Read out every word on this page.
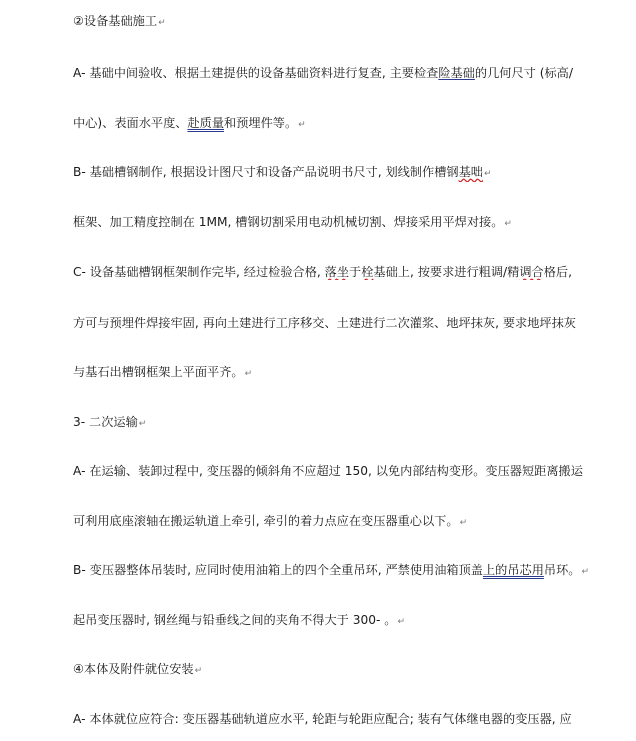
②设备基础施工↵
A- 基础中间验收、根据土建提供的设备基础资料进行复查, 主要检查险基础的几何尺寸 (标高/
中心)、表面水平度、赴质量和预埋件等。↵
B- 基础槽钢制作, 根据设计图尺寸和设备产品说明书尺寸, 划线制作槽钢基咄↵
框架、加工精度控制在 1MM, 槽钢切割采用电动机械切割、焊接采用平焊对接。↵
C- 设备基础槽钢框架制作完毕, 经过检验合格, 落坐于栓基础上, 按要求进行粗调/精调合格后,
方可与预埋件焊接牢固, 再向土建进行工序移交、土建进行二次灌浆、地坪抹灰, 要求地坪抹灰
与基石出槽钢框架上平面平齐。↵
3- 二次运输↵
A- 在运输、装卸过程中, 变压器的倾斜角不应超过 150, 以免内部结构变形。变压器短距离搬运
可利用底座滚轴在搬运轨道上牵引, 牵引的着力点应在变压器重心以下。↵
B- 变压器整体吊装时, 应同时使用油箱上的四个全重吊环, 严禁使用油箱顶盖上的吊芯用吊环。↵
起吊变压器时, 钢丝绳与铅垂线之间的夹角不得大于 300- 。↵
④本体及附件就位安装↵
A- 本体就位应符合: 变压器基础轨道应水平, 轮距与轮距应配合; 装有气体继电器的变压器, 应
